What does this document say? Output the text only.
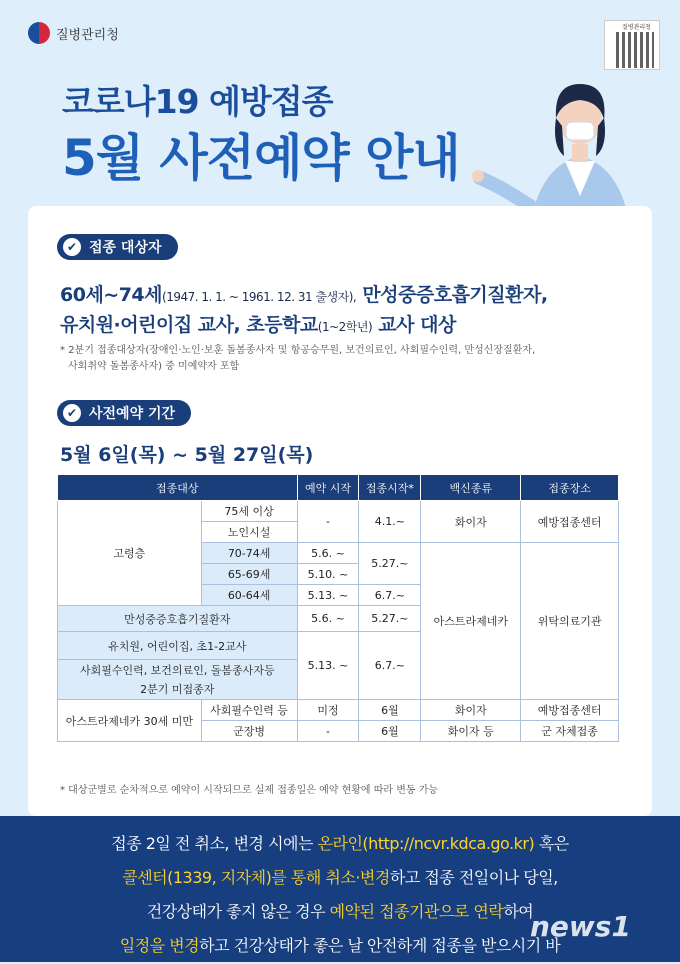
질병관리청	질병관리청
코로나19 예방접종
5월 사전예약 안내
✔ 접종 대상자
60세~74세(1947. 1. 1. ~ 1961. 12. 31 출생자), 만성중증호흡기질환자,
유치원·어린이집 교사, 초등학교(1~2학년) 교사 대상
* 2분기 접종대상자(장애인·노인·보훈 돌봄종사자 및 항공승무원, 보건의료인, 사회필수인력, 만성신장질환자,
사회취약 돌봄종사자) 중 미예약자 포함
✔ 사전예약 기간
5월 6일(목) ~ 5월 27일(목)
접종대상		예약 시작	접종시작*	백신종류	접종장소
고령층	75세 이상	-	4.1.~	화이자	예방접종센터
	노인시설				
	70-74세	5.6. ~	5.27.~	아스트라제네카	위탁의료기관
	65-69세	5.10. ~			
	60-64세	5.13. ~	6.7.~		
만성중증호흡기질환자		5.6. ~	5.27.~		
유치원, 어린이집, 초1-2교사		5.13. ~	6.7.~		
사회필수인력, 보건의료인, 돌봄종사자등					
2분기 미접종자					
아스트라제네카 30세 미만	사회필수인력 등	미정	6월	화이자	예방접종센터
	군장병	-	6월	화이자 등	군 자체접종
* 대상군별로 순차적으로 예약이 시작되므로 실제 접종일은 예약 현황에 따라 변동 가능
접종 2일 전 취소, 변경 시에는 온라인(http://ncvr.kdca.go.kr) 혹은
콜센터(1339, 지자체)를 통해 취소·변경하고 접종 전일이나 당일,
건강상태가 좋지 않은 경우 예약된 접종기관으로 연락하여
일정을 변경하고 건강상태가 좋은 날 안전하게 접종을 받으시기 바
news1
